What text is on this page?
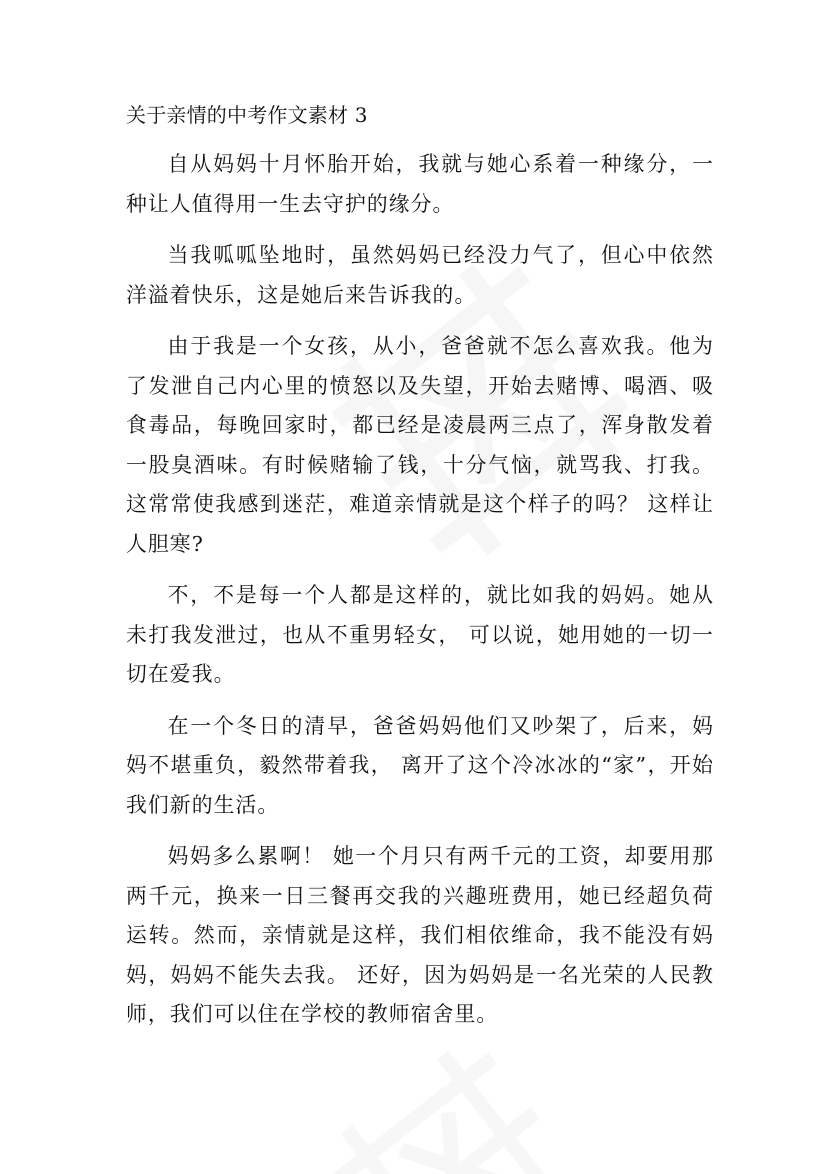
关于亲情的中考作文素材 3

自从妈妈十月怀胎开始，我就与她心系着一种缘分，一种让人值得用一生去守护的缘分。

当我呱呱坠地时，虽然妈妈已经没力气了，但心中依然洋溢着快乐，这是她后来告诉我的。

由于我是一个女孩，从小，爸爸就不怎么喜欢我。他为了发泄自己内心里的愤怒以及失望，开始去赌博、喝酒、吸食毒品，每晚回家时，都已经是凌晨两三点了，浑身散发着一股臭酒味。有时候赌输了钱，十分气恼，就骂我、打我。这常常使我感到迷茫，难道亲情就是这个样子的吗？ 这样让人胆寒?

不，不是每一个人都是这样的，就比如我的妈妈。她从未打我发泄过，也从不重男轻女， 可以说，她用她的一切一切在爱我。

在一个冬日的清早，爸爸妈妈他们又吵架了，后来，妈妈不堪重负，毅然带着我， 离开了这个冷冰冰的“家”，开始我们新的生活。

妈妈多么累啊！ 她一个月只有两千元的工资，却要用那两千元，换来一日三餐再交我的兴趣班费用，她已经超负荷运转。然而，亲情就是这样，我们相依维命，我不能没有妈妈，妈妈不能失去我。 还好，因为妈妈是一名光荣的人民教师，我们可以住在学校的教师宿舍里。
